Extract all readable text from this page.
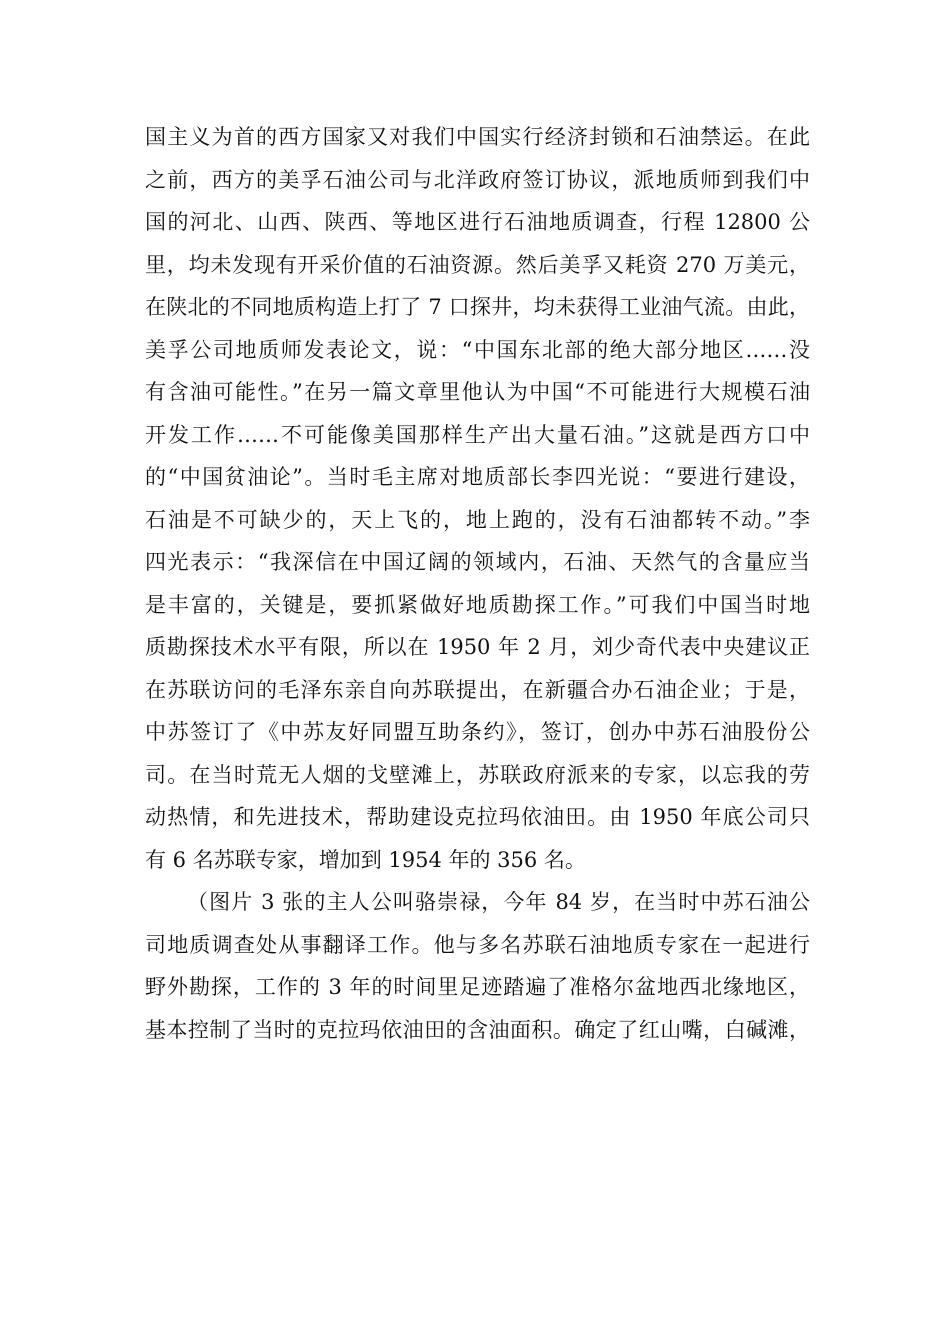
国主义为首的西方国家又对我们中国实行经济封锁和石油禁运。在此
之前，西方的美孚石油公司与北洋政府签订协议，派地质师到我们中
国的河北、山西、陕西、等地区进行石油地质调查，行程 12800 公
里，均未发现有开采价值的石油资源。然后美孚又耗资 270 万美元，
在陕北的不同地质构造上打了 7 口探井，均未获得工业油气流。由此，
美孚公司地质师发表论文，说：“中国东北部的绝大部分地区……没
有含油可能性。”在另一篇文章里他认为中国“不可能进行大规模石油
开发工作……不可能像美国那样生产出大量石油。”这就是西方口中
的“中国贫油论”。当时毛主席对地质部长李四光说：“要进行建设，
石油是不可缺少的，天上飞的，地上跑的，没有石油都转不动。”李
四光表示：“我深信在中国辽阔的领域内，石油、天然气的含量应当
是丰富的，关键是，要抓紧做好地质勘探工作。”可我们中国当时地
质勘探技术水平有限，所以在 1950 年 2 月，刘少奇代表中央建议正
在苏联访问的毛泽东亲自向苏联提出，在新疆合办石油企业；于是，
中苏签订了《中苏友好同盟互助条约》，签订，创办中苏石油股份公
司。在当时荒无人烟的戈壁滩上，苏联政府派来的专家，以忘我的劳
动热情，和先进技术，帮助建设克拉玛依油田。由 1950 年底公司只
有 6 名苏联专家，增加到 1954 年的 356 名。
（图片 3 张的主人公叫骆崇禄，今年 84 岁，在当时中苏石油公
司地质调查处从事翻译工作。他与多名苏联石油地质专家在一起进行
野外勘探，工作的 3 年的时间里足迹踏遍了准格尔盆地西北缘地区，
基本控制了当时的克拉玛依油田的含油面积。确定了红山嘴，白碱滩，
